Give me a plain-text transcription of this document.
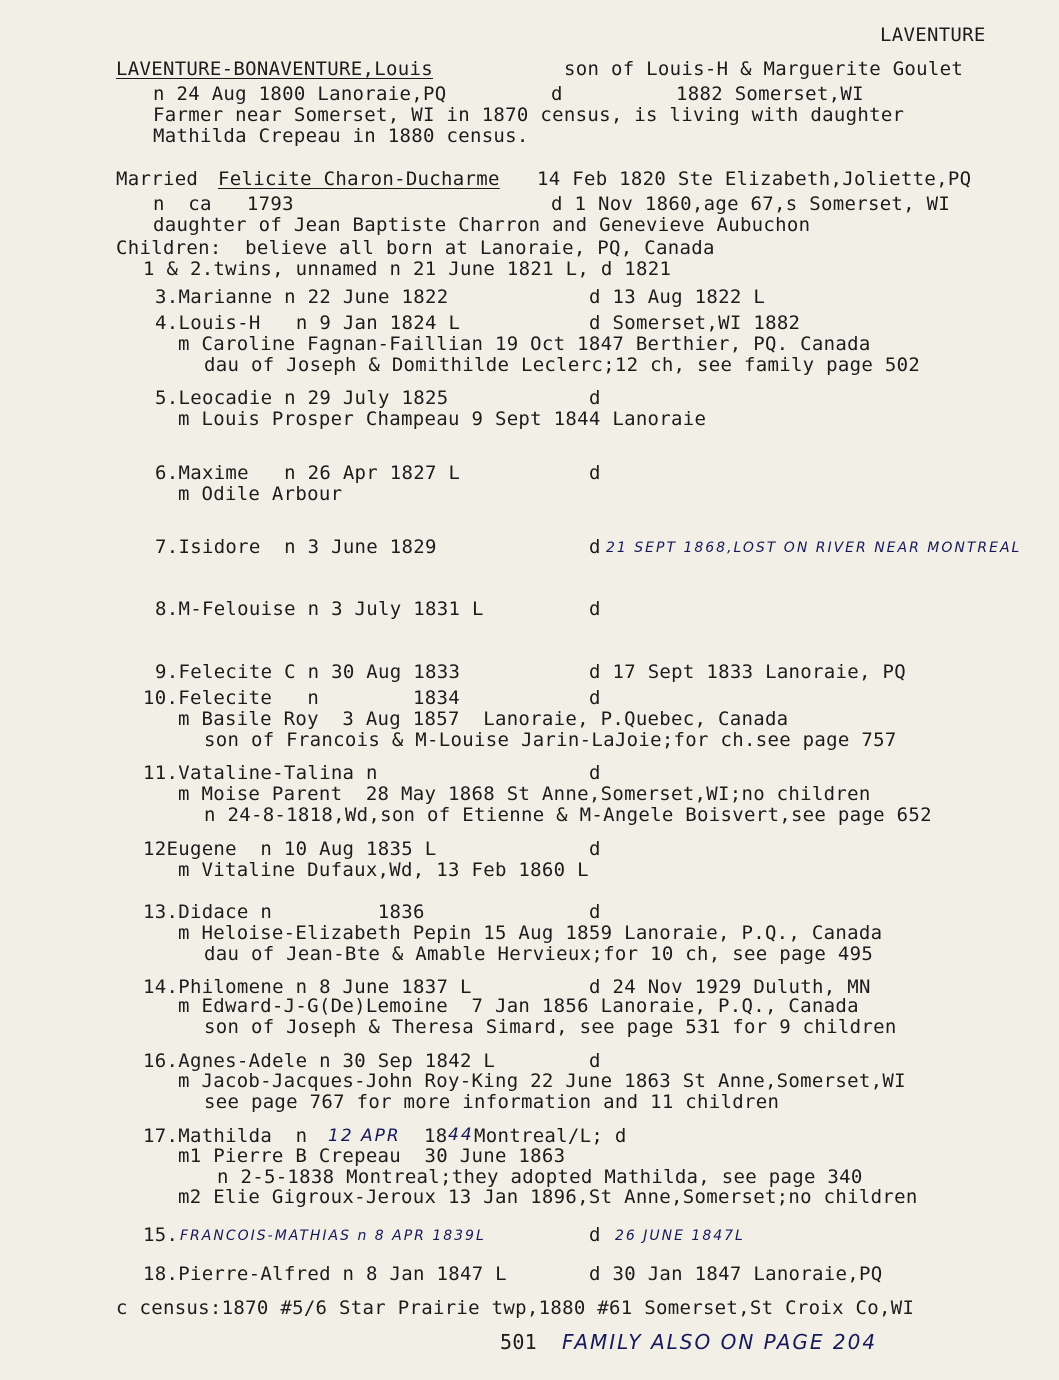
LAVENTURE
LAVENTURE-BONAVENTURE,Louis	son of Louis-H & Marguerite Goulet
n 24 Aug 1800 Lanoraie,PQ	d	1882 Somerset,WI
Farmer near Somerset, WI in 1870 census, is living with daughter
Mathilda Crepeau in 1880 census.
Married Felicite Charon-Ducharme 14 Feb 1820 Ste Elizabeth,Joliette,PQ
n  ca   1793	d 1 Nov 1860,age 67,s Somerset, WI
daughter of Jean Baptiste Charron and Genevieve Aubuchon
Children:  believe all born at Lanoraie, PQ, Canada
1 & 2.twins, unnamed n 21 June 1821 L, d 1821
3.Marianne n 22 June 1822	d 13 Aug 1822 L
4.Louis-H   n 9 Jan 1824 L	d Somerset,WI 1882
m Caroline Fagnan-Faillian 19 Oct 1847 Berthier, PQ. Canada
dau of Joseph & Domithilde Leclerc;12 ch, see family page 502
5.Leocadie n 29 July 1825	d
m Louis Prosper Champeau 9 Sept 1844 Lanoraie
6.Maxime   n 26 Apr 1827 L	d
m Odile Arbour
7.Isidore  n 3 June 1829	d 21 SEPT 1868,LOST ON RIVER NEAR MONTREAL
8.M-Felouise n 3 July 1831 L	d
9.Felecite C n 30 Aug 1833	d 17 Sept 1833 Lanoraie, PQ
10.Felecite   n        1834	d
m Basile Roy  3 Aug 1857  Lanoraie, P.Quebec, Canada
son of Francois & M-Louise Jarin-LaJoie;for ch.see page 757
11.Vataline-Talina n	d
m Moise Parent  28 May 1868 St Anne,Somerset,WI;no children
n 24-8-1818,Wd,son of Etienne & M-Angele Boisvert,see page 652
12Eugene  n 10 Aug 1835 L	d
m Vitaline Dufaux,Wd, 13 Feb 1860 L
13.Didace n         1836	d
m Heloise-Elizabeth Pepin 15 Aug 1859 Lanoraie, P.Q., Canada
dau of Jean-Bte & Amable Hervieux;for 10 ch, see page 495
14.Philomene n 8 June 1837 L	d 24 Nov 1929 Duluth, MN
m Edward-J-G(De)Lemoine  7 Jan 1856 Lanoraie, P.Q., Canada
son of Joseph & Theresa Simard, see page 531 for 9 children
16.Agnes-Adele n 30 Sep 1842 L	d
m Jacob-Jacques-John Roy-King 22 June 1863 St Anne,Somerset,WI
see page 767 for more information and 11 children
17.Mathilda  n 12 APR 18 44 Montreal/L; d
m1 Pierre B Crepeau  30 June 1863
n 2-5-1838 Montreal;they adopted Mathilda, see page 340
m2 Elie Gigroux-Jeroux 13 Jan 1896,St Anne,Somerset;no children
15. FRANCOIS-MATHIAS n 8 APR 1839L	d 26 JUNE 1847L
18.Pierre-Alfred n 8 Jan 1847 L	d 30 Jan 1847 Lanoraie,PQ
c census:1870 #5/6 Star Prairie twp,1880 #61 Somerset,St Croix Co,WI
501 FAMILY ALSO ON PAGE 204
